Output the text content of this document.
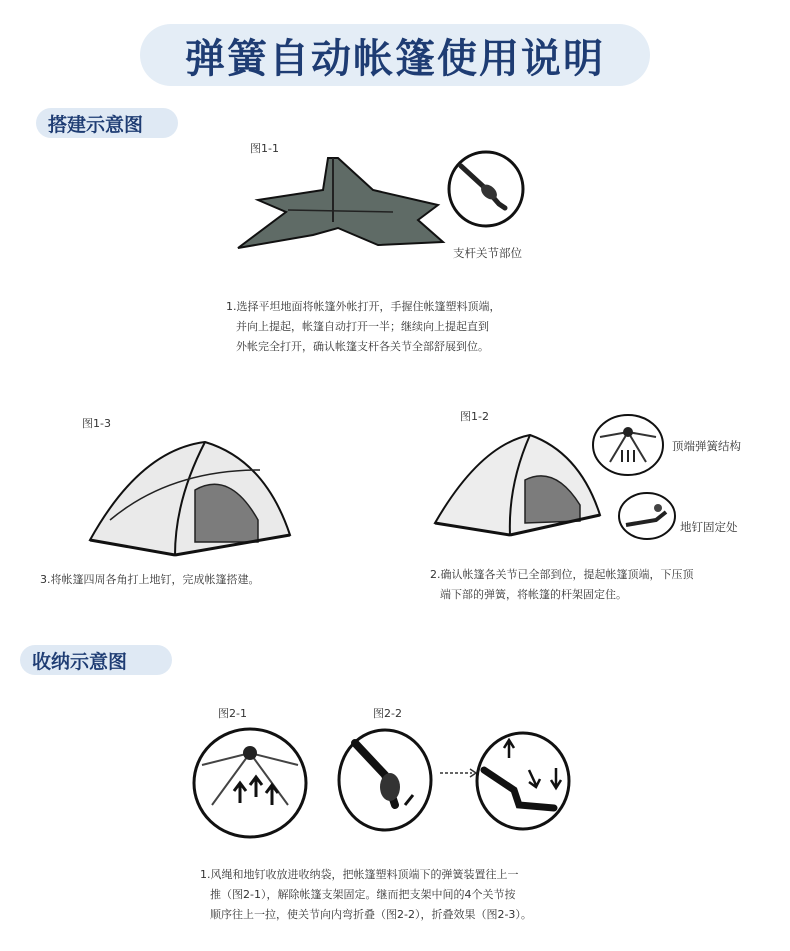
弹簧自动帐篷使用说明
搭建示意图
图1-1
支杆关节部位
1.选择平坦地面将帐篷外帐打开，手握住帐篷塑料顶端，
并向上提起，帐篷自动打开一半；继续向上提起直到
外帐完全打开，确认帐篷支杆各关节全部舒展到位。
图1-3
3.将帐篷四周各角打上地钉，完成帐篷搭建。
图1-2
顶端弹簧结构
地钉固定处
2.确认帐篷各关节已全部到位，提起帐篷顶端，下压顶
端下部的弹簧，将帐篷的杆架固定住。
收纳示意图
图2-1	图2-2
1.风绳和地钉收放进收纳袋，把帐篷塑料顶端下的弹簧装置往上一
推（图2-1），解除帐篷支架固定。继而把支架中间的4个关节按
顺序往上一拉，使关节向内弯折叠（图2-2），折叠效果（图2-3）。
